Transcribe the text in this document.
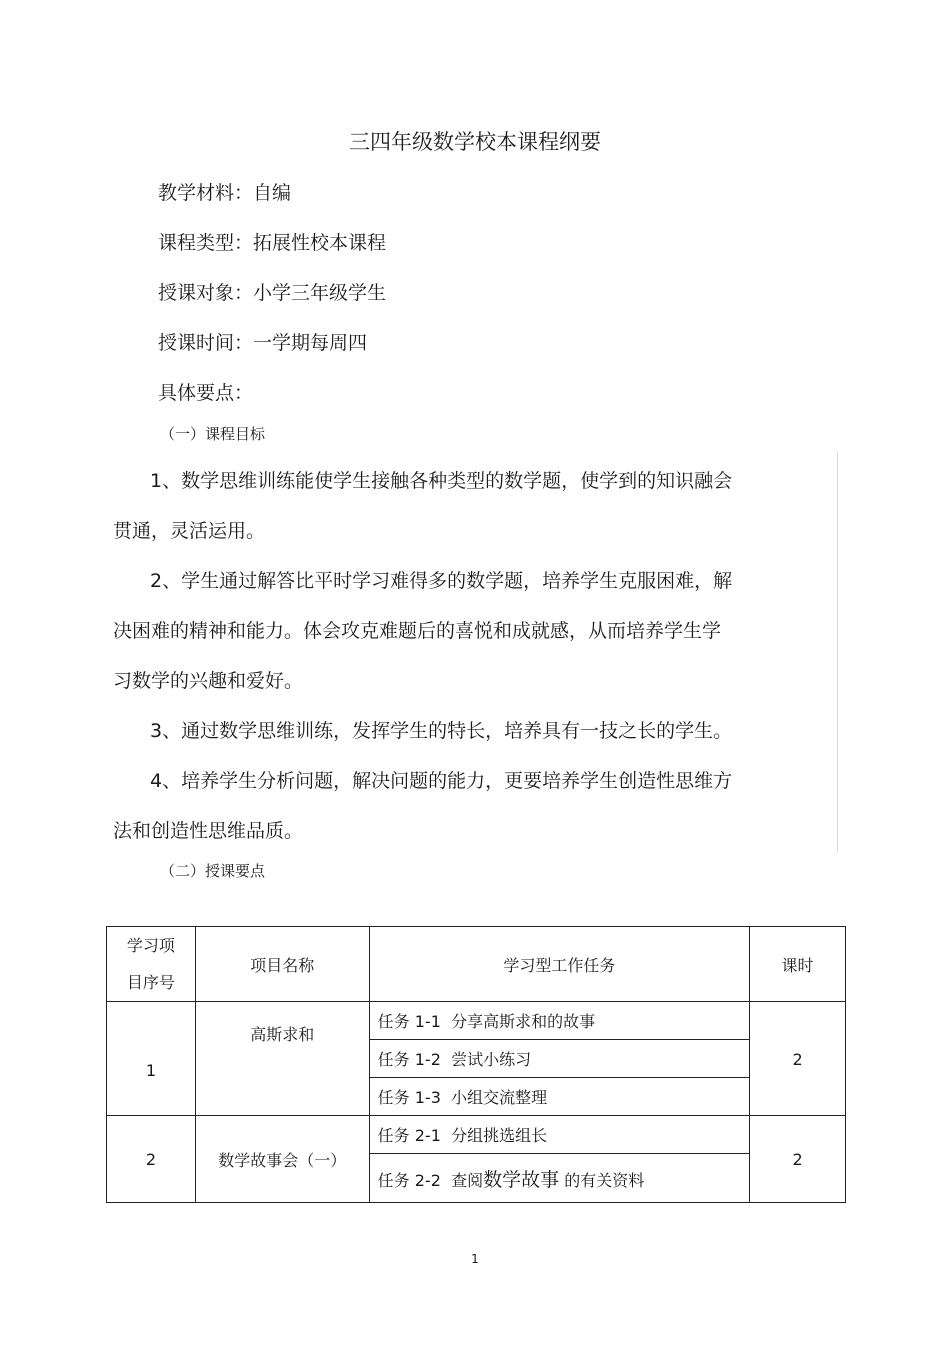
三四年级数学校本课程纲要
教学材料：自编
课程类型：拓展性校本课程
授课对象：小学三年级学生
授课时间：一学期每周四
具体要点：
（一）课程目标
1、数学思维训练能使学生接触各种类型的数学题，使学到的知识融会
贯通，灵活运用。
2、学生通过解答比平时学习难得多的数学题，培养学生克服困难，解
决困难的精神和能力。体会攻克难题后的喜悦和成就感，从而培养学生学
习数学的兴趣和爱好。
3、通过数学思维训练，发挥学生的特长，培养具有一技之长的学生。
4、培养学生分析问题，解决问题的能力，更要培养学生创造性思维方
法和创造性思维品质。
（二）授课要点
学习项
目序号	项目名称	学习型工作任务	课时
1	高斯求和	任务 1-1 分享高斯求和的故事	2
		任务 1-2 尝试小练习	
		任务 1-3 小组交流整理	
2	数学故事会（一）	任务 2-1 分组挑选组长	2
		任务 2-2 查阅数学故事 的有关资料	
1
